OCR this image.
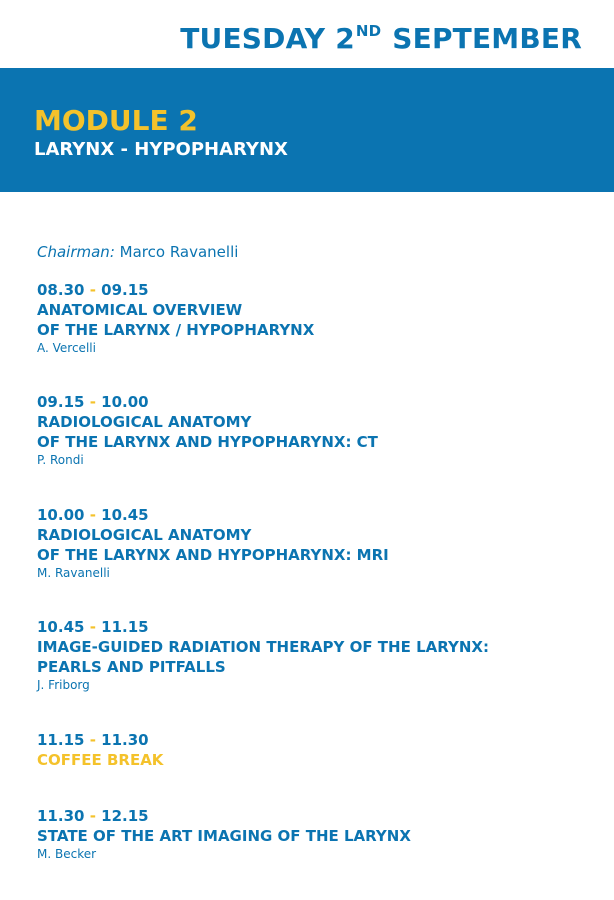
TUESDAY 2ND SEPTEMBER
MODULE 2
LARYNX - HYPOPHARYNX
Chairman: Marco Ravanelli
08.30 - 09.15
ANATOMICAL OVERVIEW
OF THE LARYNX / HYPOPHARYNX
A. Vercelli
09.15 - 10.00
RADIOLOGICAL ANATOMY
OF THE LARYNX AND HYPOPHARYNX: CT
P. Rondi
10.00 - 10.45
RADIOLOGICAL ANATOMY
OF THE LARYNX AND HYPOPHARYNX: MRI
M. Ravanelli
10.45 - 11.15
IMAGE-GUIDED RADIATION THERAPY OF THE LARYNX:
PEARLS AND PITFALLS
J. Friborg
11.15 - 11.30
COFFEE BREAK
11.30 - 12.15
STATE OF THE ART IMAGING OF THE LARYNX
M. Becker
